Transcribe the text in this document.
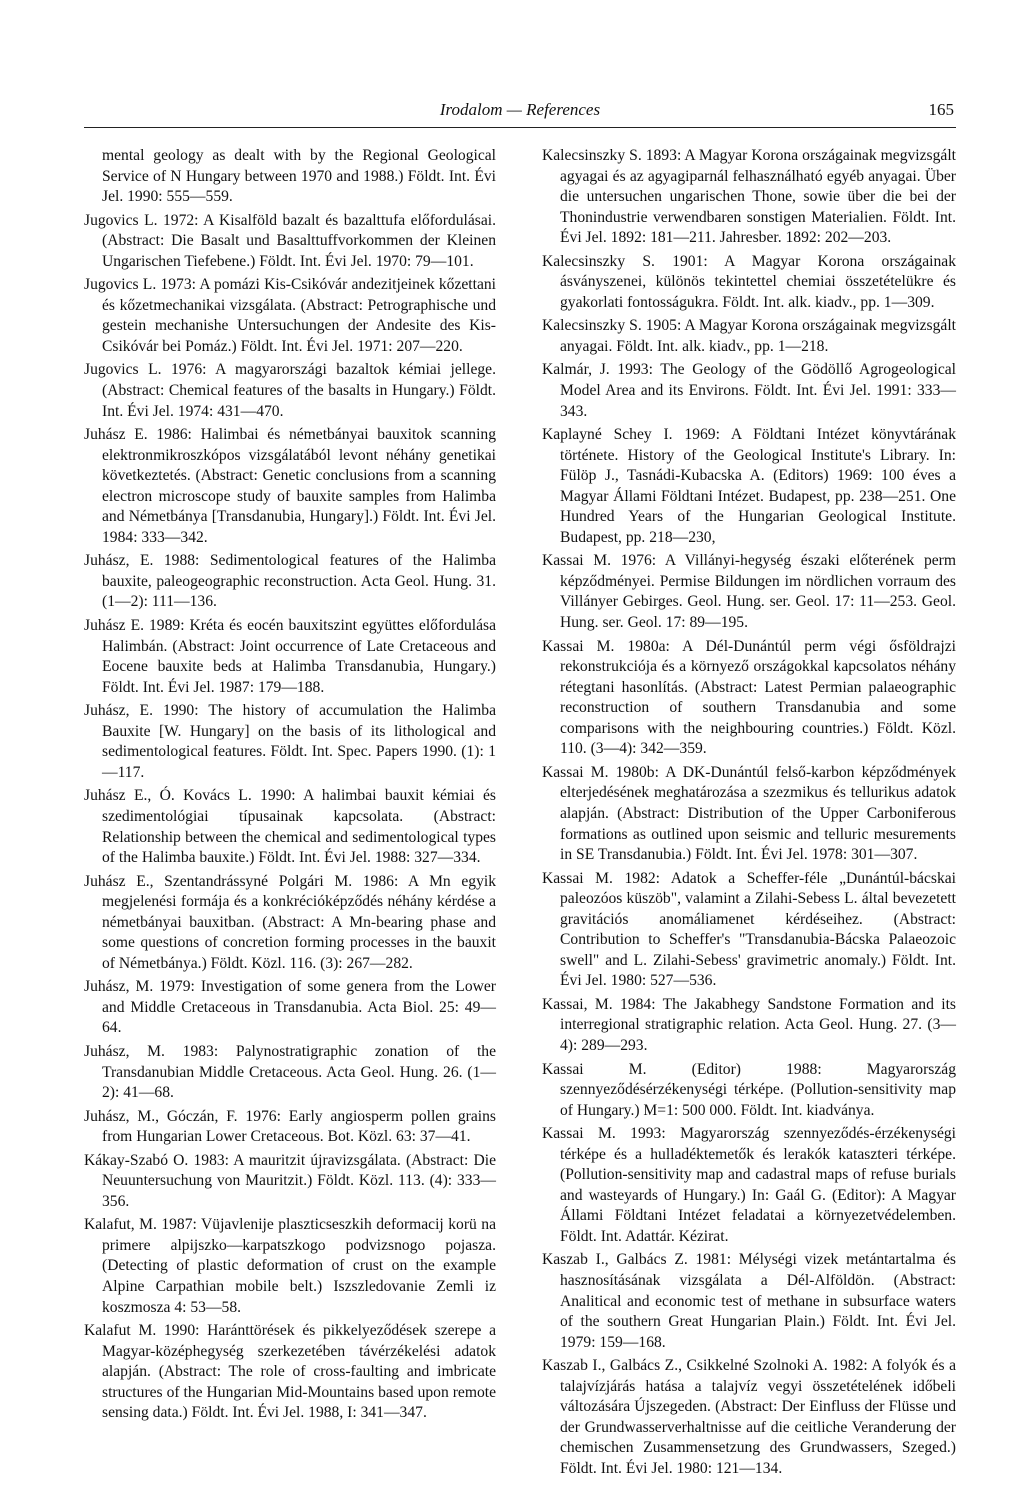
Irodalom — References	165

mental geology as dealt with by the Regional Geological Service of N Hungary between 1970 and 1988.) Földt. Int. Évi Jel. 1990: 555—559.

Jugovics L. 1972: A Kisalföld bazalt és bazalttufa előfordulásai. (Abstract: Die Basalt und Basalttuffvorkommen der Kleinen Ungarischen Tiefebene.) Földt. Int. Évi Jel. 1970: 79—101.

Jugovics L. 1973: A pomázi Kis-Csikóvár andezitjeinek kőzettani és kőzetmechanikai vizsgálata. (Abstract: Petrographische und gestein mechanishe Untersuchungen der Andesite des Kis-Csikóvár bei Pomáz.) Földt. Int. Évi Jel. 1971: 207—220.

Jugovics L. 1976: A magyarországi bazaltok kémiai jellege. (Abstract: Chemical features of the basalts in Hungary.) Földt. Int. Évi Jel. 1974: 431—470.

Juhász E. 1986: Halimbai és németbányai bauxitok scanning elektronmikroszkópos vizsgálatából levont néhány genetikai következtetés. (Abstract: Genetic conclusions from a scanning electron microscope study of bauxite samples from Halimba and Németbánya [Transdanubia, Hungary].) Földt. Int. Évi Jel. 1984: 333—342.

Juhász, E. 1988: Sedimentological features of the Halimba bauxite, paleogeographic reconstruction. Acta Geol. Hung. 31. (1—2): 111—136.

Juhász E. 1989: Kréta és eocén bauxitszint együttes előfordulása Halimbán. (Abstract: Joint occurrence of Late Cretaceous and Eocene bauxite beds at Halimba Transdanubia, Hungary.) Földt. Int. Évi Jel. 1987: 179—188.

Juhász, E. 1990: The history of accumulation the Halimba Bauxite [W. Hungary] on the basis of its lithological and sedimentological features. Földt. Int. Spec. Papers 1990. (1): 1—117.

Juhász E., Ó. Kovács L. 1990: A halimbai bauxit kémiai és szedimentológiai típusainak kapcsolata. (Abstract: Relationship between the chemical and sedimentological types of the Halimba bauxite.) Földt. Int. Évi Jel. 1988: 327—334.

Juhász E., Szentandrássyné Polgári M. 1986: A Mn egyik megjelenési formája és a konkrécióképződés néhány kérdése a németbányai bauxitban. (Abstract: A Mn-bearing phase and some questions of concretion forming processes in the bauxit of Németbánya.) Földt. Közl. 116. (3): 267—282.

Juhász, M. 1979: Investigation of some genera from the Lower and Middle Cretaceous in Transdanubia. Acta Biol. 25: 49—64.

Juhász, M. 1983: Palynostratigraphic zonation of the Transdanubian Middle Cretaceous. Acta Geol. Hung. 26. (1—2): 41—68.

Juhász, M., Góczán, F. 1976: Early angiosperm pollen grains from Hungarian Lower Cretaceous. Bot. Közl. 63: 37—41.

Kákay-Szabó O. 1983: A mauritzit újravizsgálata. (Abstract: Die Neuuntersuchung von Mauritzit.) Földt. Közl. 113. (4): 333—356.

Kalafut, M. 1987: Vüjavlenije plaszticseszkih deformacij korü na primere alpijszko—karpatszkogo podvizsnogo pojasza. (Detecting of plastic deformation of crust on the example Alpine Carpathian mobile belt.) Iszszledovanie Zemli iz koszmosza 4: 53—58.

Kalafut M. 1990: Haránttörések és pikkelyeződések szerepe a Magyar-középhegység szerkezetében távérzékelési adatok alapján. (Abstract: The role of cross-faulting and imbricate structures of the Hungarian Mid-Mountains based upon remote sensing data.) Földt. Int. Évi Jel. 1988, I: 341—347.

Kalecsinszky S. 1893: A Magyar Korona országainak megvizsgált agyagai és az agyagiparnál felhasználható egyéb anyagai. Über die untersuchen ungarischen Thone, sowie über die bei der Thonindustrie verwendbaren sonstigen Materialien. Földt. Int. Évi Jel. 1892: 181—211. Jahresber. 1892: 202—203.

Kalecsinszky S. 1901: A Magyar Korona országainak ásványszenei, különös tekintettel chemiai összetételükre és gyakorlati fontosságukra. Földt. Int. alk. kiadv., pp. 1—309.

Kalecsinszky S. 1905: A Magyar Korona országainak megvizsgált anyagai. Földt. Int. alk. kiadv., pp. 1—218.

Kalmár, J. 1993: The Geology of the Gödöllő Agrogeological Model Area and its Environs. Földt. Int. Évi Jel. 1991: 333—343.

Kaplayné Schey I. 1969: A Földtani Intézet könyvtárának története. History of the Geological Institute's Library. In: Fülöp J., Tasnádi-Kubacska A. (Editors) 1969: 100 éves a Magyar Állami Földtani Intézet. Budapest, pp. 238—251. One Hundred Years of the Hungarian Geological Institute. Budapest, pp. 218—230,

Kassai M. 1976: A Villányi-hegység északi előterének perm képződményei. Permise Bildungen im nördlichen vorraum des Villányer Gebirges. Geol. Hung. ser. Geol. 17: 11—253. Geol. Hung. ser. Geol. 17: 89—195.

Kassai M. 1980a: A Dél-Dunántúl perm végi ősföldrajzi rekonstrukciója és a környező országokkal kapcsolatos néhány rétegtani hasonlítás. (Abstract: Latest Permian palaeographic reconstruction of southern Transdanubia and some comparisons with the neighbouring countries.) Földt. Közl. 110. (3—4): 342—359.

Kassai M. 1980b: A DK-Dunántúl felső-karbon képződmények elterjedésének meghatározása a szezmikus és tellurikus adatok alapján. (Abstract: Distribution of the Upper Carboniferous formations as outlined upon seismic and telluric mesurements in SE Transdanubia.) Földt. Int. Évi Jel. 1978: 301—307.

Kassai M. 1982: Adatok a Scheffer-féle „Dunántúl-bácskai paleozóos küszöb", valamint a Zilahi-Sebess L. által bevezetett gravitációs anomáliamenet kérdéseihez. (Abstract: Contribution to Scheffer's "Transdanubia-Bácska Palaeozoic swell" and L. Zilahi-Sebess' gravimetric anomaly.) Földt. Int. Évi Jel. 1980: 527—536.

Kassai, M. 1984: The Jakabhegy Sandstone Formation and its interregional stratigraphic relation. Acta Geol. Hung. 27. (3—4): 289—293.

Kassai M. (Editor) 1988: Magyarország szennyeződésérzékenységi térképe. (Pollution-sensitivity map of Hungary.) M=1: 500 000. Földt. Int. kiadványa.

Kassai M. 1993: Magyarország szennyeződés-érzékenységi térképe és a hulladéktemetők és lerakók kataszteri térképe. (Pollution-sensitivity map and cadastral maps of refuse burials and wasteyards of Hungary.) In: Gaál G. (Editor): A Magyar Állami Földtani Intézet feladatai a környezetvédelemben. Földt. Int. Adattár. Kézirat.

Kaszab I., Galbács Z. 1981: Mélységi vizek metántartalma és hasznosításának vizsgálata a Dél-Alföldön. (Abstract: Analitical and economic test of methane in subsurface waters of the southern Great Hungarian Plain.) Földt. Int. Évi Jel. 1979: 159—168.

Kaszab I., Galbács Z., Csikkelné Szolnoki A. 1982: A folyók és a talajvízjárás hatása a talajvíz vegyi összetételének időbeli változására Újszegeden. (Abstract: Der Einfluss der Flüsse und der Grundwasserverhaltnisse auf die ceitliche Veranderung der chemischen Zusammensetzung des Grundwassers, Szeged.) Földt. Int. Évi Jel. 1980: 121—134.
